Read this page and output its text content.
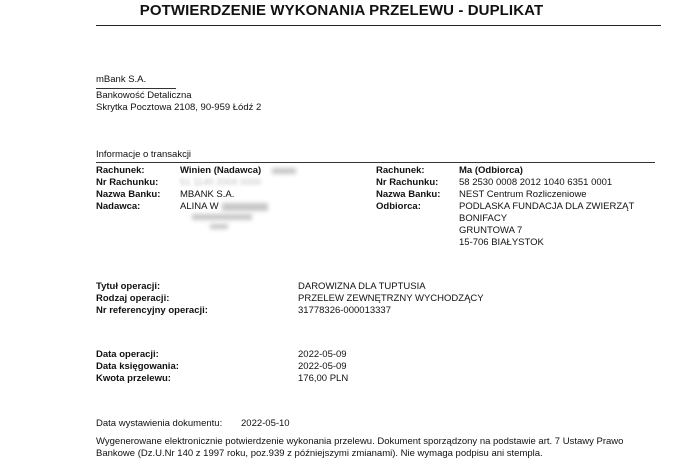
POTWIERDZENIE WYKONANIA PRZELEWU - DUPLIKAT
mBank S.A.
Bankowość Detaliczna
Skrytka Pocztowa 2108, 90-959 Łódź 2
Informacje o transakcji
Rachunek:	Winien (Nadawca)
Nr Rachunku: 51 1140 2004 0000
Nazwa Banku: MBANK S.A.
Nadawca:	ALINA W
Rachunek:	Ma (Odbiorca)
Nr Rachunku: 58 2530 0008 2012 1040 6351 0001
Nazwa Banku: NEST Centrum Rozliczeniowe
Odbiorca:	PODLASKA FUNDACJA DLA ZWIERZĄT
BONIFACY
GRUNTOWA 7
15-706 BIAŁYSTOK
Tytuł operacji:	DAROWIZNA DLA TUPTUSIA
Rodzaj operacji:	PRZELEW ZEWNĘTRZNY WYCHODZĄCY
Nr referencyjny operacji:	31778326-000013337
Data operacji:	2022-05-09
Data księgowania:	2022-05-09
Kwota przelewu:	176,00 PLN
Data wystawienia dokumentu: 2022-05-10
Wygenerowane elektronicznie potwierdzenie wykonania przelewu. Dokument sporządzony na podstawie art. 7 Ustawy Prawo
Bankowe (Dz.U.Nr 140 z 1997 roku, poz.939 z późniejszymi zmianami). Nie wymaga podpisu ani stempla.
